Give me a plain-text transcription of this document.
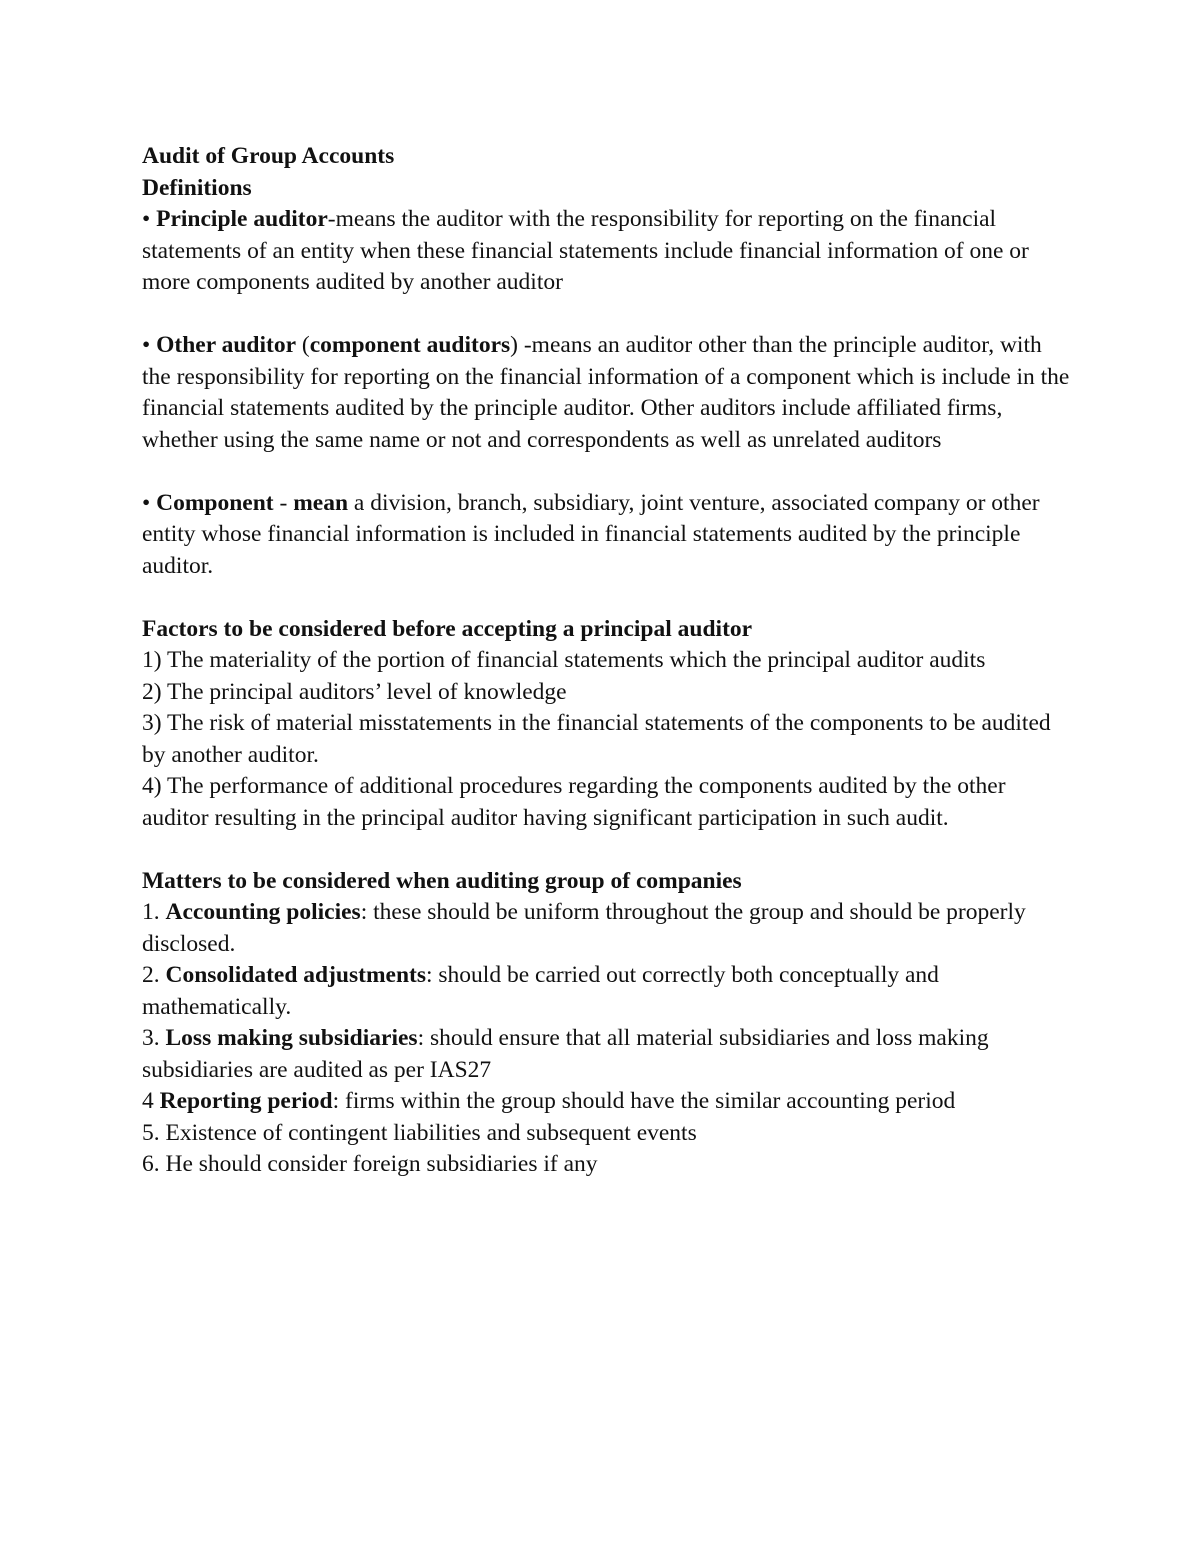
Audit of Group Accounts

Definitions

• Principle auditor-means the auditor with the responsibility for reporting on the financial statements of an entity when these financial statements include financial information of one or more components audited by another auditor

• Other auditor (component auditors) -means an auditor other than the principle auditor, with the responsibility for reporting on the financial information of a component which is include in the financial statements audited by the principle auditor. Other auditors include affiliated firms, whether using the same name or not and correspondents as well as unrelated auditors

• Component - mean a division, branch, subsidiary, joint venture, associated company or other entity whose financial information is included in financial statements audited by the principle auditor.

Factors to be considered before accepting a principal auditor

1) The materiality of the portion of financial statements which the principal auditor audits

2) The principal auditors’ level of knowledge

3) The risk of material misstatements in the financial statements of the components to be audited by another auditor.

4) The performance of additional procedures regarding the components audited by the other auditor resulting in the principal auditor having significant participation in such audit.

Matters to be considered when auditing group of companies

1. Accounting policies: these should be uniform throughout the group and should be properly disclosed.

2. Consolidated adjustments: should be carried out correctly both conceptually and mathematically.

3. Loss making subsidiaries: should ensure that all material subsidiaries and loss making subsidiaries are audited as per IAS27

4 Reporting period: firms within the group should have the similar accounting period

5. Existence of contingent liabilities and subsequent events

6. He should consider foreign subsidiaries if any
